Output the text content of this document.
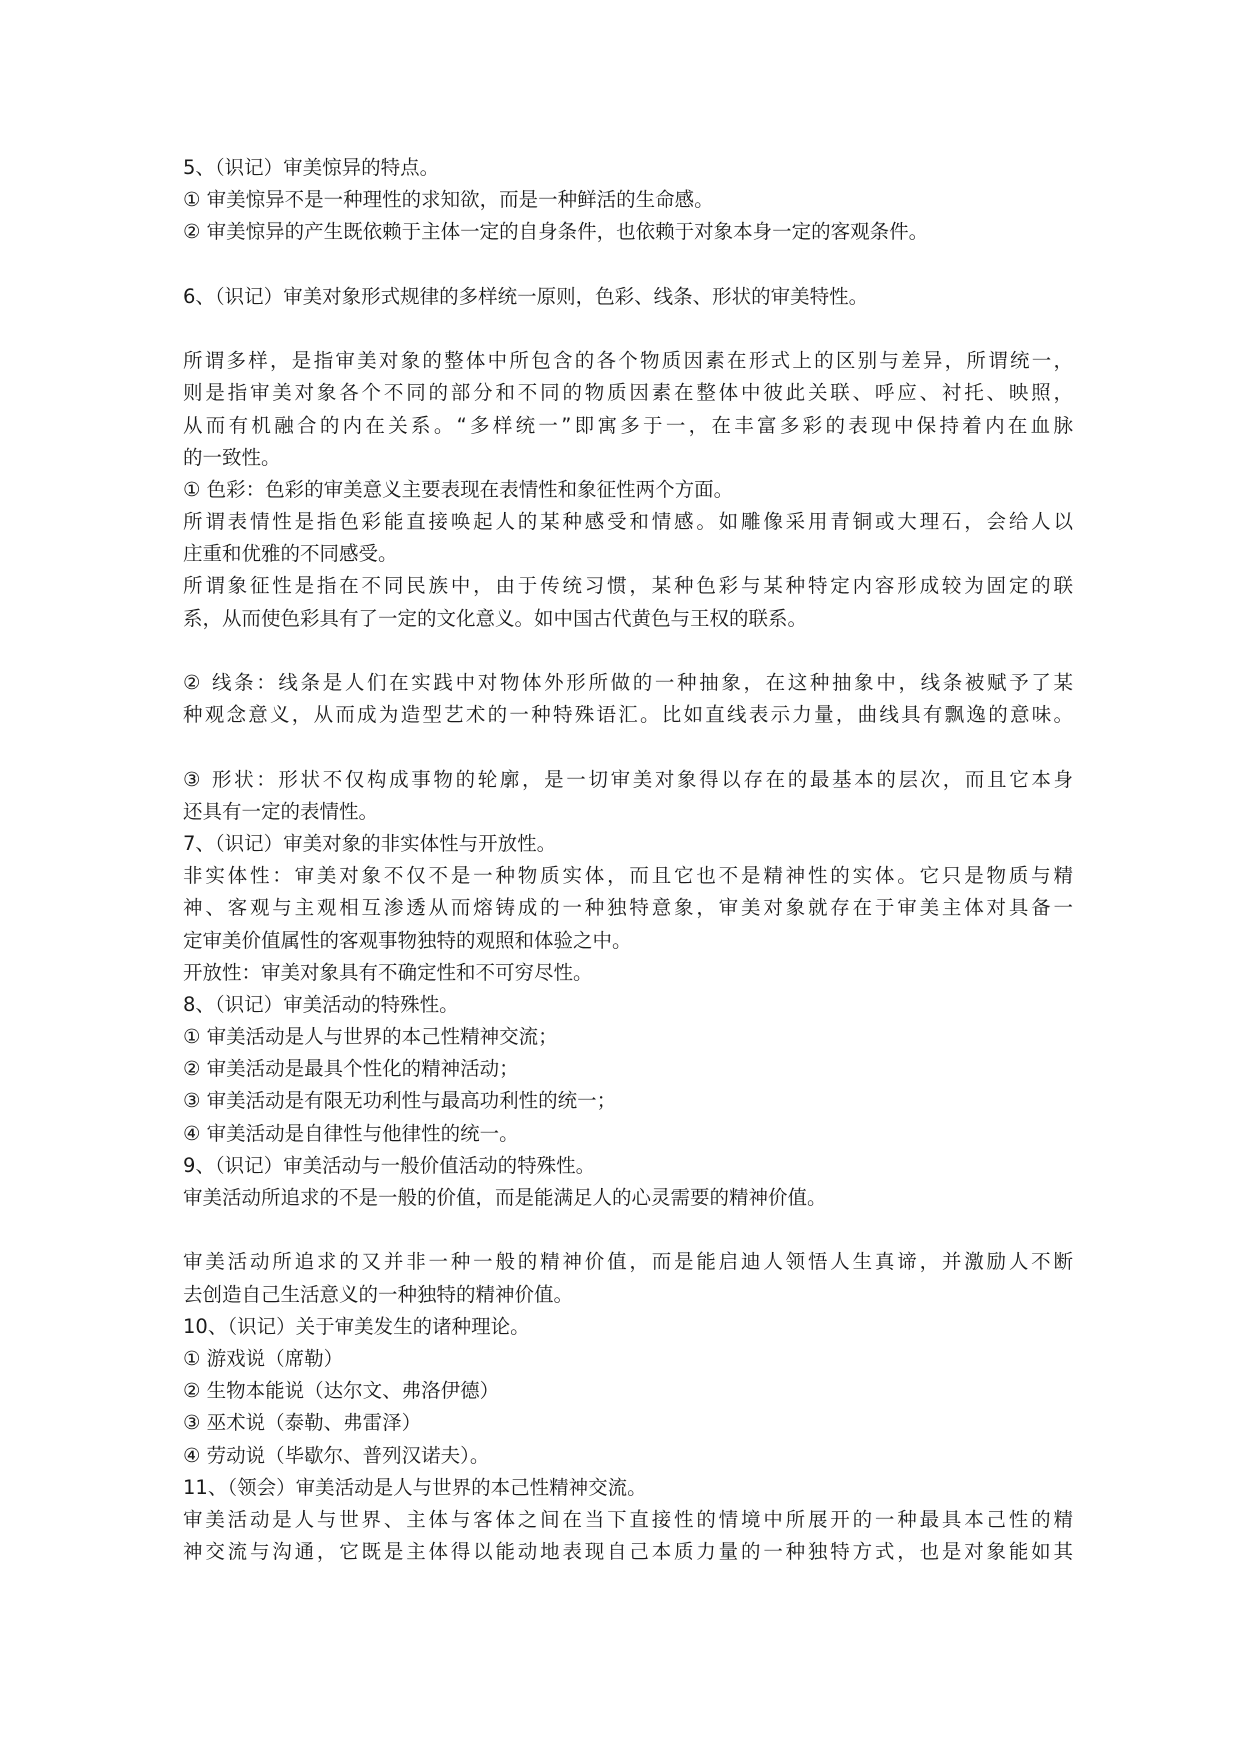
5、（识记）审美惊异的特点。
① 审美惊异不是一种理性的求知欲，而是一种鲜活的生命感。
② 审美惊异的产生既依赖于主体一定的自身条件，也依赖于对象本身一定的客观条件。
6、（识记）审美对象形式规律的多样统一原则，色彩、线条、形状的审美特性。
所谓多样，是指审美对象的整体中所包含的各个物质因素在形式上的区别与差异，所谓统一，
则是指审美对象各个不同的部分和不同的物质因素在整体中彼此关联、呼应、衬托、映照，
从而有机融合的内在关系。“多样统一”即寓多于一，在丰富多彩的表现中保持着内在血脉
的一致性。
① 色彩：色彩的审美意义主要表现在表情性和象征性两个方面。
所谓表情性是指色彩能直接唤起人的某种感受和情感。如雕像采用青铜或大理石，会给人以
庄重和优雅的不同感受。
所谓象征性是指在不同民族中，由于传统习惯，某种色彩与某种特定内容形成较为固定的联
系，从而使色彩具有了一定的文化意义。如中国古代黄色与王权的联系。
② 线条：线条是人们在实践中对物体外形所做的一种抽象，在这种抽象中，线条被赋予了某
种观念意义，从而成为造型艺术的一种特殊语汇。比如直线表示力量，曲线具有飘逸的意味。
③ 形状：形状不仅构成事物的轮廓，是一切审美对象得以存在的最基本的层次，而且它本身
还具有一定的表情性。
7、（识记）审美对象的非实体性与开放性。
非实体性：审美对象不仅不是一种物质实体，而且它也不是精神性的实体。它只是物质与精
神、客观与主观相互渗透从而熔铸成的一种独特意象，审美对象就存在于审美主体对具备一
定审美价值属性的客观事物独特的观照和体验之中。
开放性：审美对象具有不确定性和不可穷尽性。
8、（识记）审美活动的特殊性。
① 审美活动是人与世界的本己性精神交流；
② 审美活动是最具个性化的精神活动；
③ 审美活动是有限无功利性与最高功利性的统一；
④ 审美活动是自律性与他律性的统一。
9、（识记）审美活动与一般价值活动的特殊性。
审美活动所追求的不是一般的价值，而是能满足人的心灵需要的精神价值。
审美活动所追求的又并非一种一般的精神价值，而是能启迪人领悟人生真谛，并激励人不断
去创造自己生活意义的一种独特的精神价值。
10、（识记）关于审美发生的诸种理论。
① 游戏说（席勒）
② 生物本能说（达尔文、弗洛伊德）
③ 巫术说（泰勒、弗雷泽）
④ 劳动说（毕歇尔、普列汉诺夫）。
11、（领会）审美活动是人与世界的本己性精神交流。
审美活动是人与世界、主体与客体之间在当下直接性的情境中所展开的一种最具本己性的精
神交流与沟通，它既是主体得以能动地表现自己本质力量的一种独特方式，也是对象能如其
